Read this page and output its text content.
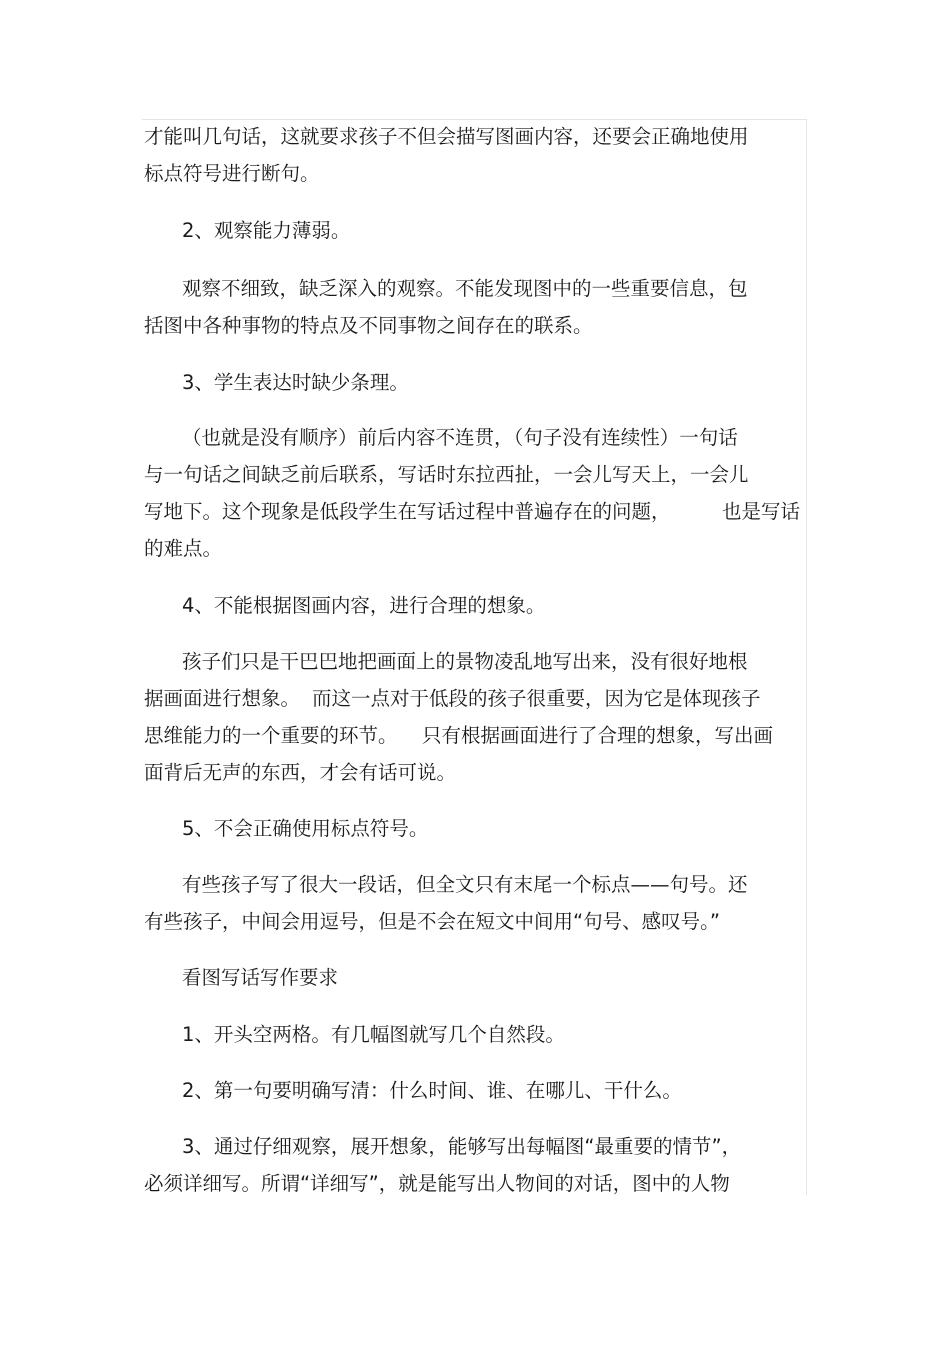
才能叫几句话，这就要求孩子不但会描写图画内容，还要会正确地使用
标点符号进行断句。
2、观察能力薄弱。
观察不细致，缺乏深入的观察。不能发现图中的一些重要信息，包
括图中各种事物的特点及不同事物之间存在的联系。
3、学生表达时缺少条理。
（也就是没有顺序）前后内容不连贯，（句子没有连续性）一句话
与一句话之间缺乏前后联系，写话时东拉西扯，一会儿写天上，一会儿
写地下。这个现象是低段学生在写话过程中普遍存在的问题，	也是写话
的难点。
4、不能根据图画内容，进行合理的想象。
孩子们只是干巴巴地把画面上的景物凌乱地写出来，没有很好地根
据画面进行想象。 而这一点对于低段的孩子很重要，因为它是体现孩子
思维能力的一个重要的环节。 只有根据画面进行了合理的想象，写出画
面背后无声的东西，才会有话可说。
5、不会正确使用标点符号。
有些孩子写了很大一段话，但全文只有末尾一个标点——句号。还
有些孩子，中间会用逗号，但是不会在短文中间用“句号、感叹号。”
看图写话写作要求
1、开头空两格。有几幅图就写几个自然段。
2、第一句要明确写清：什么时间、谁、在哪儿、干什么。
3、通过仔细观察，展开想象，能够写出每幅图“最重要的情节”，
必须详细写。所谓“详细写”，就是能写出人物间的对话，图中的人物
